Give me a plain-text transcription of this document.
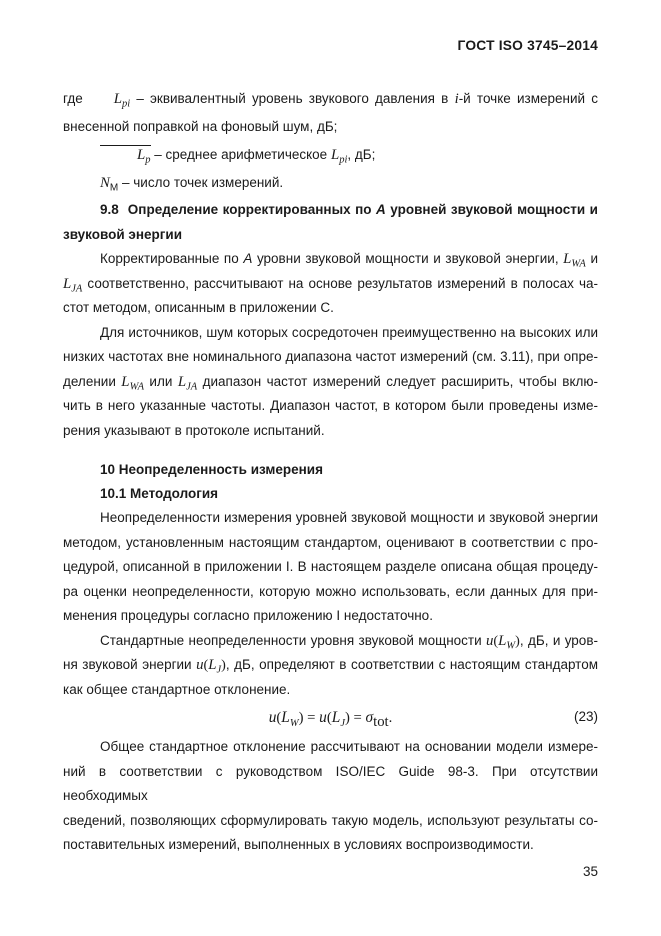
ГОСТ ISO 3745–2014
где     $L_{pi}$ – эквивалентный уровень звукового давления в i-й точке измерений с
внесенной поправкой на фоновый шум, дБ;
$L_p$ – среднее арифметическое $L_{pi}$, дБ;
$N_М$ – число точек измерений.
9.8  Определение корректированных по А уровней звуковой мощности и
звуковой энергии
Корректированные по А уровни звуковой мощности и звуковой энергии, $L_{WA}$ и
$L_{JA}$ соответственно, рассчитывают на основе результатов измерений в полосах ча-
стот методом, описанным в приложении С.
Для источников, шум которых сосредоточен преимущественно на высоких или
низких частотах вне номинального диапазона частот измерений (см. 3.11), при опре-
делении $L_{WA}$ или $L_{JA}$ диапазон частот измерений следует расширить, чтобы вклю-
чить в него указанные частоты. Диапазон частот, в котором были проведены изме-
рения указывают в протоколе испытаний.
10 Неопределенность измерения
10.1 Методология
Неопределенности измерения уровней звуковой мощности и звуковой энергии
методом, установленным настоящим стандартом, оценивают в соответствии с про-
цедурой, описанной в приложении I. В настоящем разделе описана общая процеду-
ра оценки неопределенности, которую можно использовать, если данных для при-
менения процедуры согласно приложению I недостаточно.
Стандартные неопределенности уровня звуковой мощности $u(L_W)$, дБ, и уров-
ня звуковой энергии $u(L_J)$, дБ, определяют в соответствии с настоящим стандартом
как общее стандартное отклонение.
$u(L_W) = u(L_J) = \sigma_{tot}$.	(23)
Общее стандартное отклонение рассчитывают на основании модели измере-
ний в соответствии с руководством ISO/IEC Guide 98-3. При отсутствии необходимых
сведений, позволяющих сформулировать такую модель, используют результаты со-
поставительных измерений, выполненных в условиях воспроизводимости.
35
